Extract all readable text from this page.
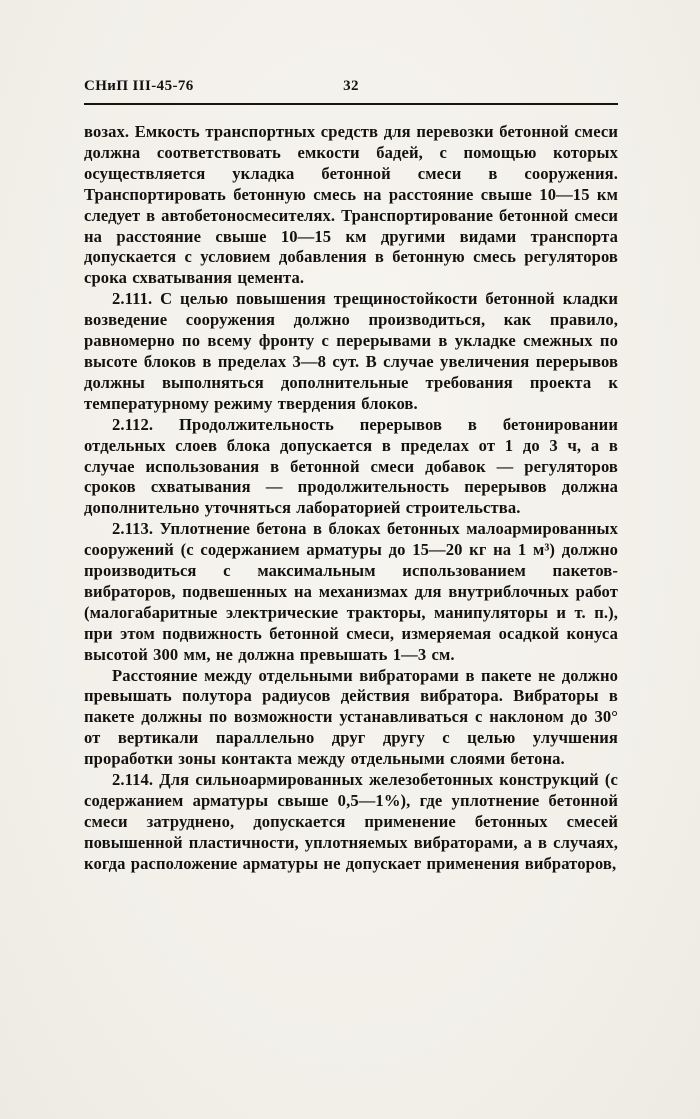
СНиП III-45-76	32

возах. Емкость транспортных средств для перевозки бетонной смеси должна соответствовать емкости бадей, с помощью которых осуществляется укладка бетонной смеси в сооружения. Транспортировать бетонную смесь на расстояние свыше 10—15 км следует в автобетоносмесителях. Транспортирование бетонной смеси на расстояние свыше 10—15 км другими видами транспорта допускается с условием добавления в бетонную смесь регуляторов срока схватывания цемента.

2.111. С целью повышения трещиностойкости бетонной кладки возведение сооружения должно производиться, как правило, равномерно по всему фронту с перерывами в укладке смежных по высоте блоков в пределах 3—8 сут. В случае увеличения перерывов должны выполняться дополнительные требования проекта к температурному режиму твердения блоков.

2.112. Продолжительность перерывов в бетонировании отдельных слоев блока допускается в пределах от 1 до 3 ч, а в случае использования в бетонной смеси добавок — регуляторов сроков схватывания — продолжительность перерывов должна дополнительно уточняться лабораторией строительства.

2.113. Уплотнение бетона в блоках бетонных малоармированных сооружений (с содержанием арматуры до 15—20 кг на 1 м³) должно производиться с максимальным использованием пакетов-вибраторов, подвешенных на механизмах для внутриблочных работ (малогабаритные электрические тракторы, манипуляторы и т. п.), при этом подвижность бетонной смеси, измеряемая осадкой конуса высотой 300 мм, не должна превышать 1—3 см.

Расстояние между отдельными вибраторами в пакете не должно превышать полутора радиусов действия вибратора. Вибраторы в пакете должны по возможности устанавливаться с наклоном до 30° от вертикали параллельно друг другу с целью улучшения проработки зоны контакта между отдельными слоями бетона.

2.114. Для сильноармированных железобетонных конструкций (с содержанием арматуры свыше 0,5—1%), где уплотнение бетонной смеси затруднено, допускается применение бетонных смесей повышенной пластичности, уплотняемых вибраторами, а в случаях, когда расположение арматуры не допускает применения вибраторов,
